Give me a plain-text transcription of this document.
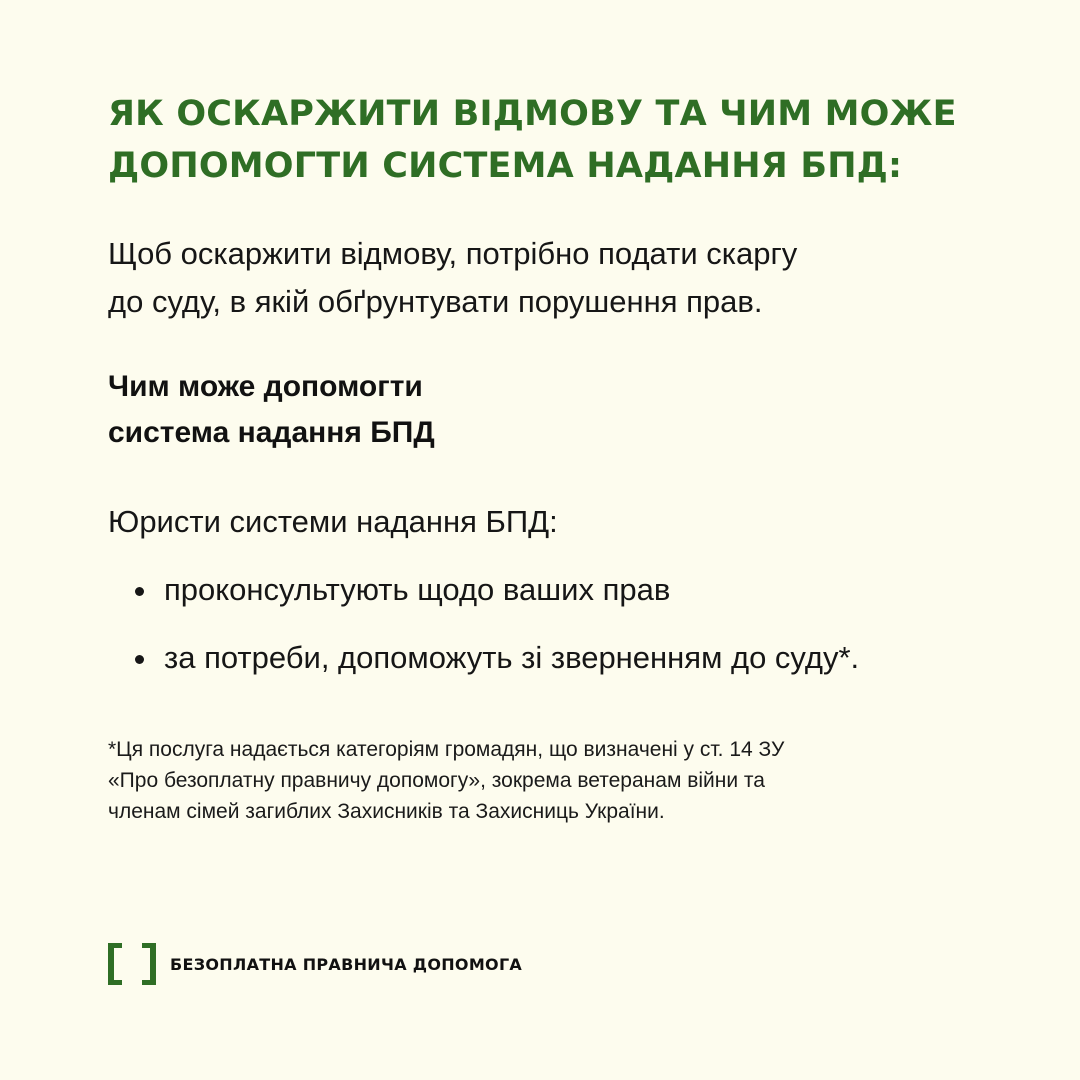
ЯК ОСКАРЖИТИ ВІДМОВУ ТА ЧИМ МОЖЕ
ДОПОМОГТИ СИСТЕМА НАДАННЯ БПД:

Щоб оскаржити відмову, потрібно подати скаргу
до суду, в якій обґрунтувати порушення прав.

Чим може допомогти
система надання БПД

Юристи системи надання БПД:

проконсультують щодо ваших прав
за потреби, допоможуть зі зверненням до суду*.

*Ця послуга надається категоріям громадян, що визначені у ст. 14 ЗУ
«Про безоплатну правничу допомогу», зокрема ветеранам війни та
членам сімей загиблих Захисників та Захисниць України.

БЕЗОПЛАТНА ПРАВНИЧА ДОПОМОГА
